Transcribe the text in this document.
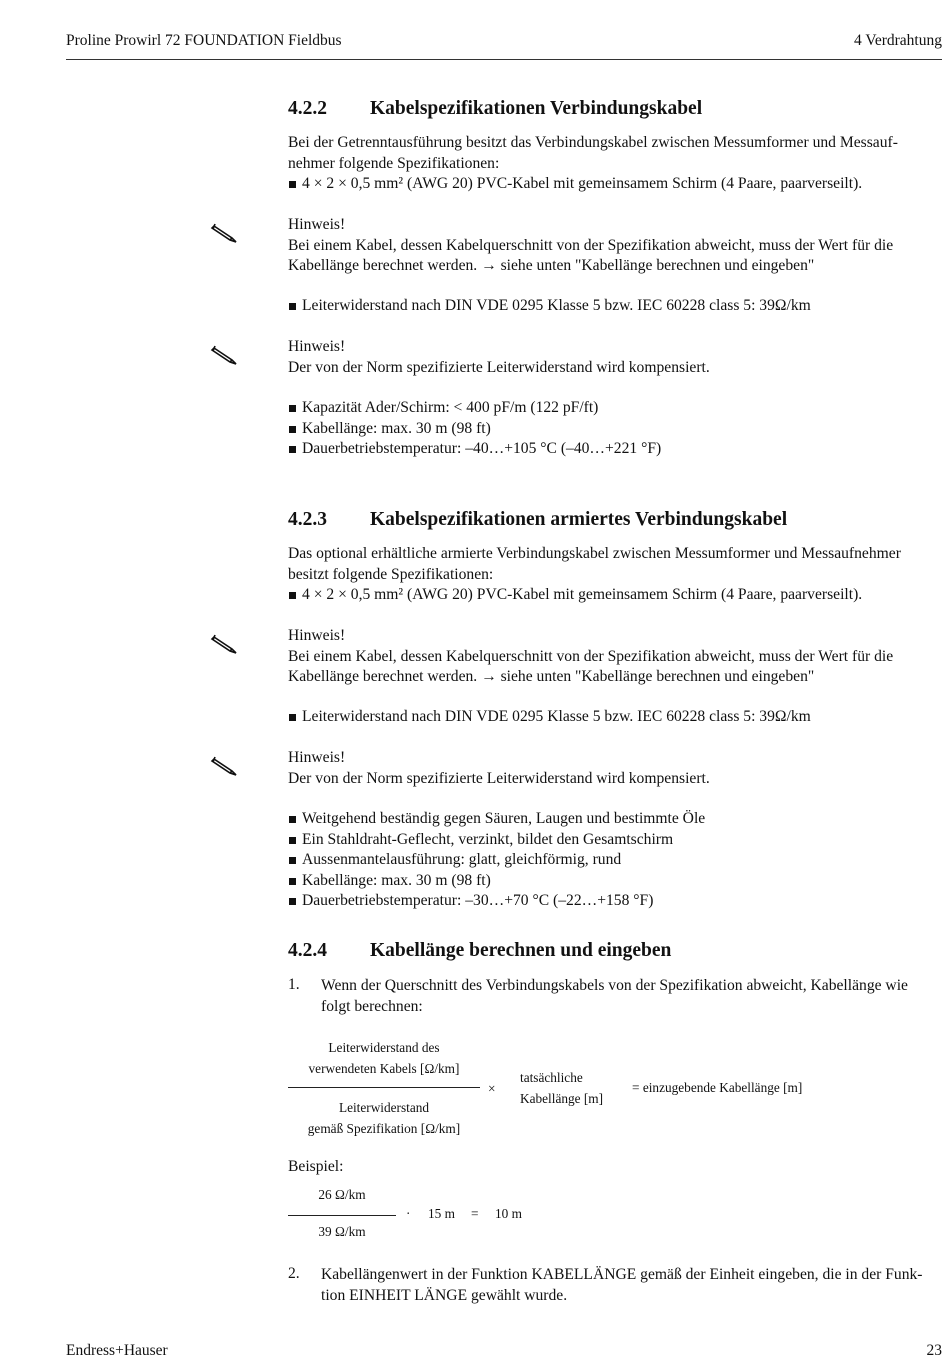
Proline Prowirl 72 FOUNDATION Fieldbus	4 Verdrahtung
4.2.2 Kabelspezifikationen Verbindungskabel
Bei der Getrenntausführung besitzt das Verbindungskabel zwischen Messumformer und Messauf-
nehmer folgende Spezifikationen:
4 × 2 × 0,5 mm² (AWG 20) PVC-Kabel mit gemeinsamem Schirm (4 Paare, paarverseilt).
Hinweis!
Bei einem Kabel, dessen Kabelquerschnitt von der Spezifikation abweicht, muss der Wert für die
Kabellänge berechnet werden. → siehe unten "Kabellänge berechnen und eingeben"
Leiterwiderstand nach DIN VDE 0295 Klasse 5 bzw. IEC 60228 class 5: 39Ω/km
Hinweis!
Der von der Norm spezifizierte Leiterwiderstand wird kompensiert.
Kapazität Ader/Schirm: < 400 pF/m (122 pF/ft)
Kabellänge: max. 30 m (98 ft)
Dauerbetriebstemperatur: –40…+105 °C (–40…+221 °F)
4.2.3 Kabelspezifikationen armiertes Verbindungskabel
Das optional erhältliche armierte Verbindungskabel zwischen Messumformer und Messaufnehmer
besitzt folgende Spezifikationen:
4 × 2 × 0,5 mm² (AWG 20) PVC-Kabel mit gemeinsamem Schirm (4 Paare, paarverseilt).
Hinweis!
Bei einem Kabel, dessen Kabelquerschnitt von der Spezifikation abweicht, muss der Wert für die
Kabellänge berechnet werden. → siehe unten "Kabellänge berechnen und eingeben"
Leiterwiderstand nach DIN VDE 0295 Klasse 5 bzw. IEC 60228 class 5: 39Ω/km
Hinweis!
Der von der Norm spezifizierte Leiterwiderstand wird kompensiert.
Weitgehend beständig gegen Säuren, Laugen und bestimmte Öle
Ein Stahldraht-Geflecht, verzinkt, bildet den Gesamtschirm
Aussenmantelausführung: glatt, gleichförmig, rund
Kabellänge: max. 30 m (98 ft)
Dauerbetriebstemperatur: –30…+70 °C (–22…+158 °F)
4.2.4 Kabellänge berechnen und eingeben
1. Wenn der Querschnitt des Verbindungskabels von der Spezifikation abweicht, Kabellänge wie
folgt berechnen:
Leiterwiderstand des
verwendeten Kabels [Ω/km]
Leiterwiderstand
gemäß Spezifikation [Ω/km]
×
tatsächliche
Kabellänge [m]
= einzugebende Kabellänge [m]
Beispiel:
26 Ω/km
39 Ω/km
· 15 m = 10 m
2. Kabellängenwert in der Funktion KABELLÄNGE gemäß der Einheit eingeben, die in der Funk-
tion EINHEIT LÄNGE gewählt wurde.
Endress+Hauser	23
